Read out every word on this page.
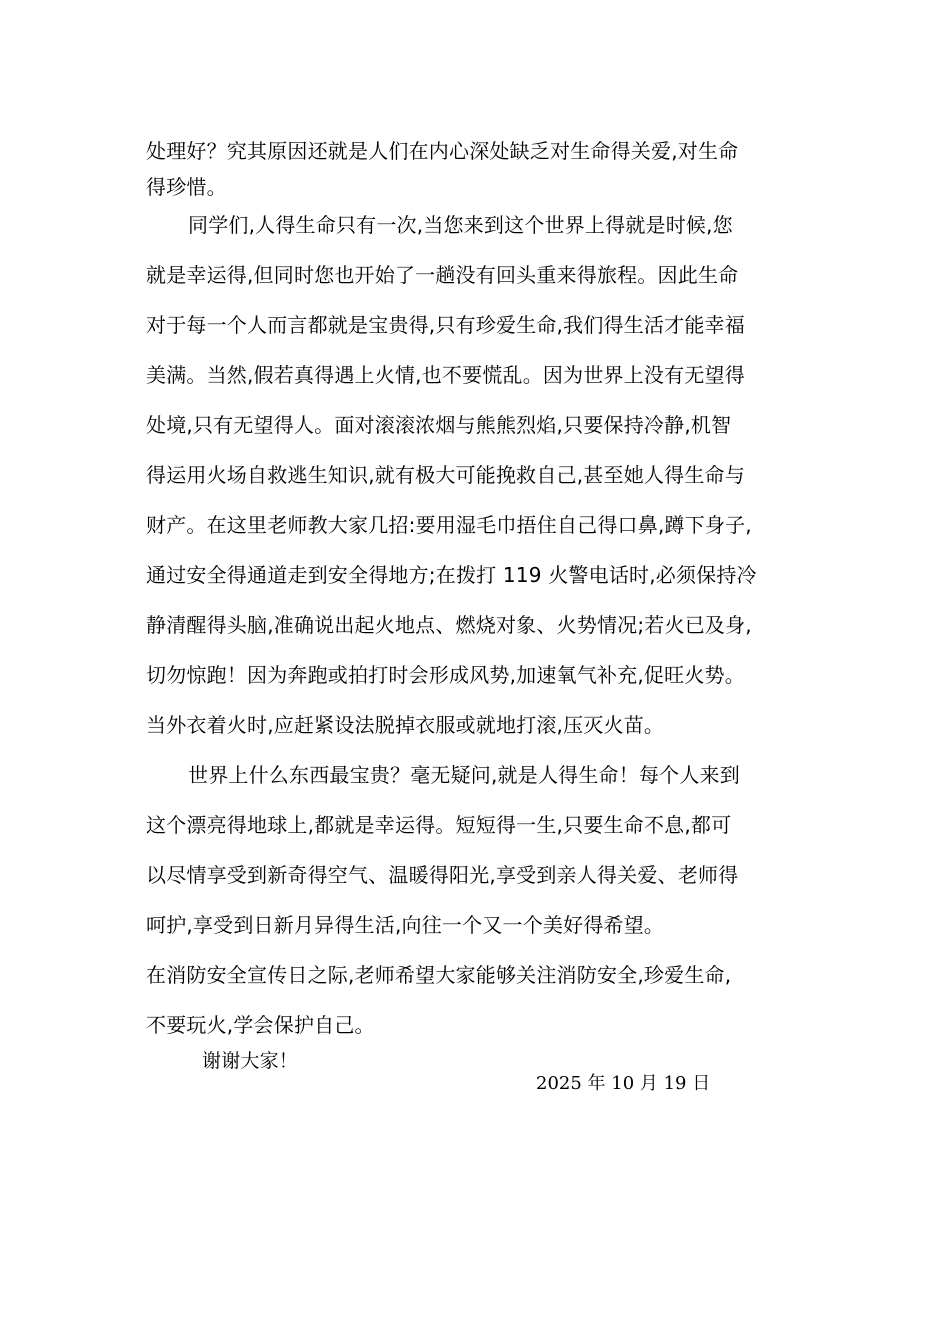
处理好？究其原因还就是人们在内心深处缺乏对生命得关爱,对生命
得珍惜。
同学们,人得生命只有一次,当您来到这个世界上得就是时候,您
就是幸运得,但同时您也开始了一趟没有回头重来得旅程。因此生命
对于每一个人而言都就是宝贵得,只有珍爱生命,我们得生活才能幸福
美满。当然,假若真得遇上火情,也不要慌乱。因为世界上没有无望得
处境,只有无望得人。面对滚滚浓烟与熊熊烈焰,只要保持冷静,机智
得运用火场自救逃生知识,就有极大可能挽救自己,甚至她人得生命与
财产。在这里老师教大家几招:要用湿毛巾捂住自己得口鼻,蹲下身子,
通过安全得通道走到安全得地方;在拨打 119 火警电话时,必须保持冷
静清醒得头脑,准确说出起火地点、燃烧对象、火势情况;若火已及身,
切勿惊跑！因为奔跑或拍打时会形成风势,加速氧气补充,促旺火势。
当外衣着火时,应赶紧设法脱掉衣服或就地打滚,压灭火苗。
世界上什么东西最宝贵？毫无疑问,就是人得生命！每个人来到
这个漂亮得地球上,都就是幸运得。短短得一生,只要生命不息,都可
以尽情享受到新奇得空气、温暖得阳光,享受到亲人得关爱、老师得
呵护,享受到日新月异得生活,向往一个又一个美好得希望。
在消防安全宣传日之际,老师希望大家能够关注消防安全,珍爱生命,
不要玩火,学会保护自己。
谢谢大家！
2025 年 10 月 19 日
